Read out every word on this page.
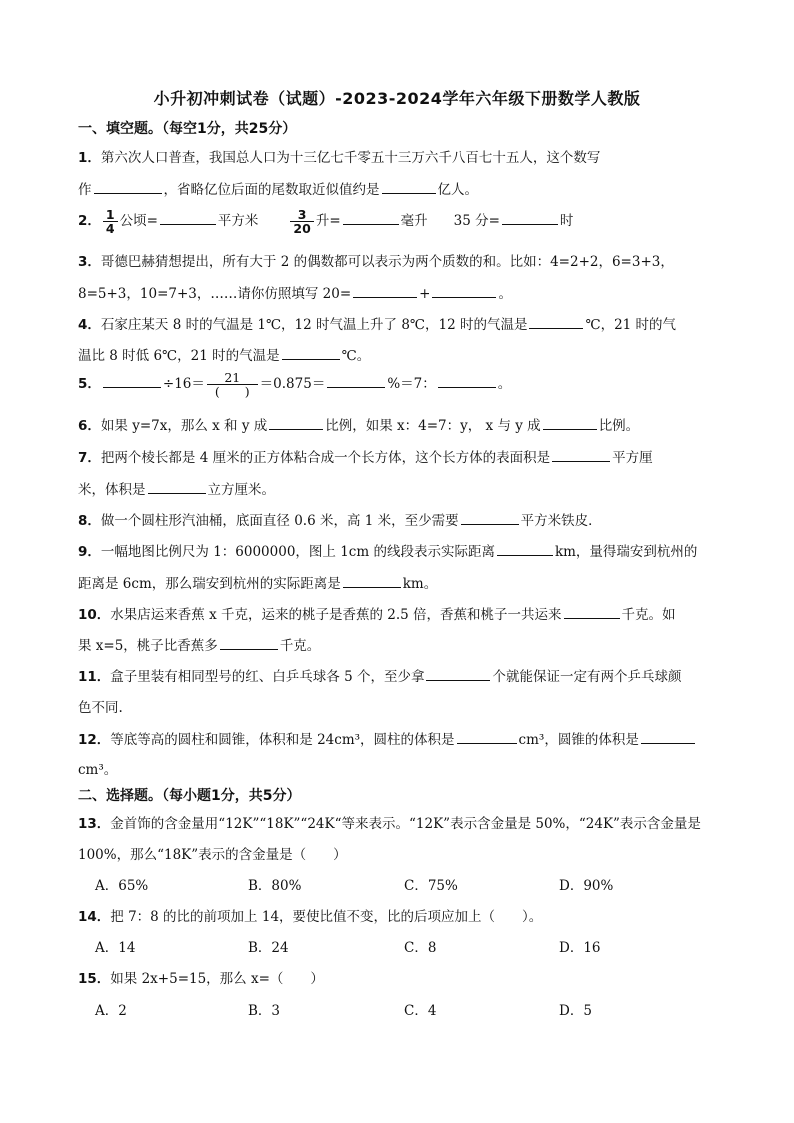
小升初冲刺试卷（试题）-2023-2024学年六年级下册数学人教版
一、填空题。（每空1分，共25分）
1．第六次人口普查，我国总人口为十三亿七千零五十三万六千八百七十五人，这个数写
作	，省略亿位后面的尾数取近似值约是	亿人。
2． $\frac{1}{4}$ 公顷=	平方米	$\frac{3}{20}$ 升=	毫升 35 分=	时
3．哥德巴赫猜想提出，所有大于 2 的偶数都可以表示为两个质数的和。比如：4=2+2，6=3+3，
8=5+3，10=7+3，……请你仿照填写 20=	+	。
4．石家庄某天 8 时的气温是 1℃，12 时气温上升了 8℃，12 时的气温是	℃，21 时的气
温比 8 时低 6℃，21 时的气温是	℃。
5．	$\div 16= \frac{21}{( )} =0.875=$	%＝7：	。
6．如果 y=7x，那么 x 和 y 成	比例，如果 x：4=7：y， x 与 y 成	比例。
7．把两个棱长都是 4 厘米的正方体粘合成一个长方体，这个长方体的表面积是	平方厘
米，体积是	立方厘米。
8．做一个圆柱形汽油桶，底面直径 0.6 米，高 1 米，至少需要	平方米铁皮．
9．一幅地图比例尺为 1：6000000，图上 1cm 的线段表示实际距离	km，量得瑞安到杭州的
距离是 6cm，那么瑞安到杭州的实际距离是	km。
10．水果店运来香蕉 x 千克，运来的桃子是香蕉的 2.5 倍，香蕉和桃子一共运来	千克。如
果 x=5，桃子比香蕉多	千克。
11．盒子里装有相同型号的红、白乒乓球各 5 个，至少拿	个就能保证一定有两个乒乓球颜
色不同.
12．等底等高的圆柱和圆锥，体积和是 24cm³，圆柱的体积是	cm³，圆锥的体积是
cm³。
二、选择题。（每小题1分，共5分）
13．金首饰的含金量用“12K”“18K”“24K“等来表示。“12K”表示含金量是 50%，“24K”表示含金量是
100%，那么“18K”表示的含金量是（　　）
A．65%	B．80%	C．75%	D．90%
14．把 7：8 的比的前项加上 14，要使比值不变，比的后项应加上（　　）。
A．14	B．24	C．8	D．16
15．如果 2x+5=15，那么 x=（　　）
A．2	B．3	C．4	D．5
